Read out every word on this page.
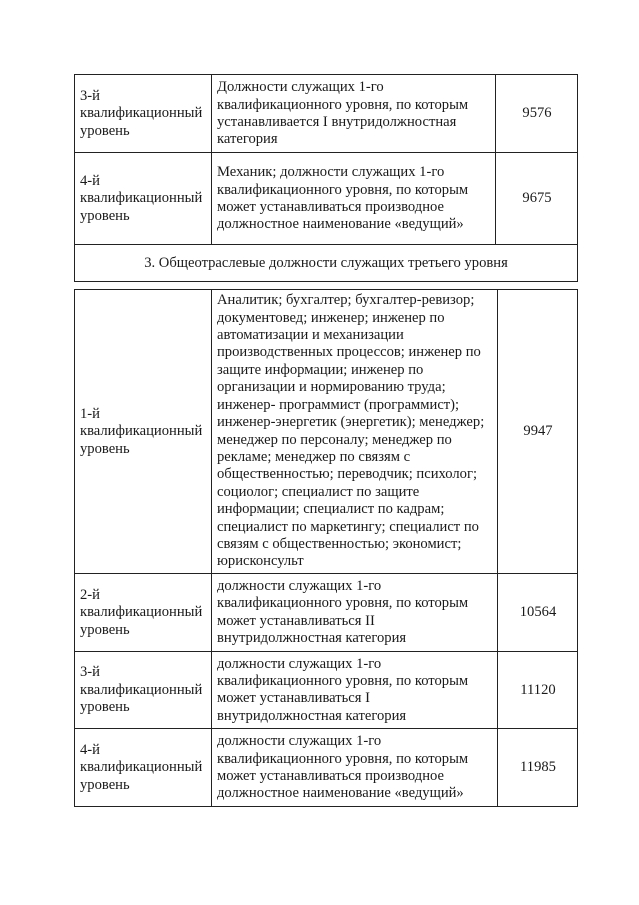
3-й квалификационный уровень	Должности служащих 1-го квалификационного уровня, по которым устанавливается I внутридолжностная категория	9576
4-й квалификационный уровень	Механик; должности служащих 1-го квалификационного уровня, по которым может устанавливаться производное должностное наименование «ведущий»	9675
3. Общеотраслевые должности служащих третьего уровня		
1-й квалификационный уровень	Аналитик; бухгалтер; бухгалтер-ревизор; документовед; инженер; инженер по автоматизации и механизации производственных процессов; инженер по защите информации; инженер по организации и нормированию труда; инженер- программист (программист); инженер-энергетик (энергетик); менеджер; менеджер по персоналу; менеджер по рекламе; менеджер по связям с общественностью; переводчик; психолог; социолог; специалист по защите информации; специалист по кадрам; специалист по маркетингу; специалист по связям с общественностью; экономист; юрисконсульт	9947
2-й квалификационный уровень	должности служащих 1-го квалификационного уровня, по которым может устанавливаться II внутридолжностная категория	10564
3-й квалификационный уровень	должности служащих 1-го квалификационного уровня, по которым может устанавливаться I внутридолжностная категория	11120
4-й квалификационный уровень	должности служащих 1-го квалификационного уровня, по которым может устанавливаться производное должностное наименование «ведущий»	11985
